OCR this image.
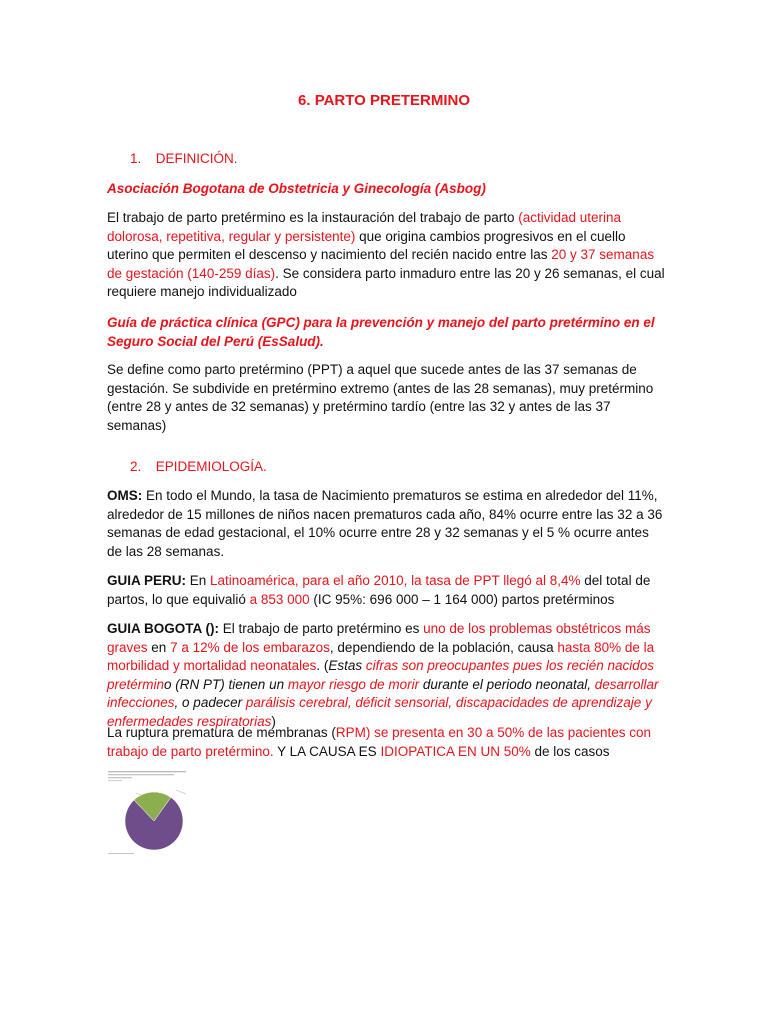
6. PARTO PRETERMINO
1. DEFINICIÓN.
Asociación Bogotana de Obstetricia y Ginecología (Asbog)
El trabajo de parto pretérmino es la instauración del trabajo de parto (actividad uterina dolorosa, repetitiva, regular y persistente) que origina cambios progresivos en el cuello uterino que permiten el descenso y nacimiento del recién nacido entre las 20 y 37 semanas de gestación (140-259 días). Se considera parto inmaduro entre las 20 y 26 semanas, el cual requiere manejo individualizado
Guía de práctica clínica (GPC) para la prevención y manejo del parto pretérmino en el Seguro Social del Perú (EsSalud).
Se define como parto pretérmino (PPT) a aquel que sucede antes de las 37 semanas de gestación. Se subdivide en pretérmino extremo (antes de las 28 semanas), muy pretérmino (entre 28 y antes de 32 semanas) y pretérmino tardío (entre las 32 y antes de las 37 semanas)
2. EPIDEMIOLOGÍA.
OMS: En todo el Mundo, la tasa de Nacimiento prematuros se estima en alrededor del 11%, alrededor de 15 millones de niños nacen prematuros cada año, 84% ocurre entre las 32 a 36 semanas de edad gestacional, el 10% ocurre entre 28 y 32 semanas y el 5 % ocurre antes de las 28 semanas.
GUIA PERU: En Latinoamérica, para el año 2010, la tasa de PPT llegó al 8,4% del total de partos, lo que equivalió a 853 000 (IC 95%: 696 000 – 1 164 000) partos pretérminos
GUIA BOGOTA (): El trabajo de parto pretérmino es uno de los problemas obstétricos más graves en 7 a 12% de los embarazos, dependiendo de la población, causa hasta 80% de la morbilidad y mortalidad neonatales. (Estas cifras son preocupantes pues los recién nacidos pretérmino (RN PT) tienen un mayor riesgo de morir durante el periodo neonatal, desarrollar infecciones, o padecer parálisis cerebral, déficit sensorial, discapacidades de aprendizaje y enfermedades respiratorias)
La ruptura prematura de membranas (RPM) se presenta en 30 a 50% de las pacientes con trabajo de parto pretérmino. Y LA CAUSA ES IDIOPATICA EN UN 50% de los casos
